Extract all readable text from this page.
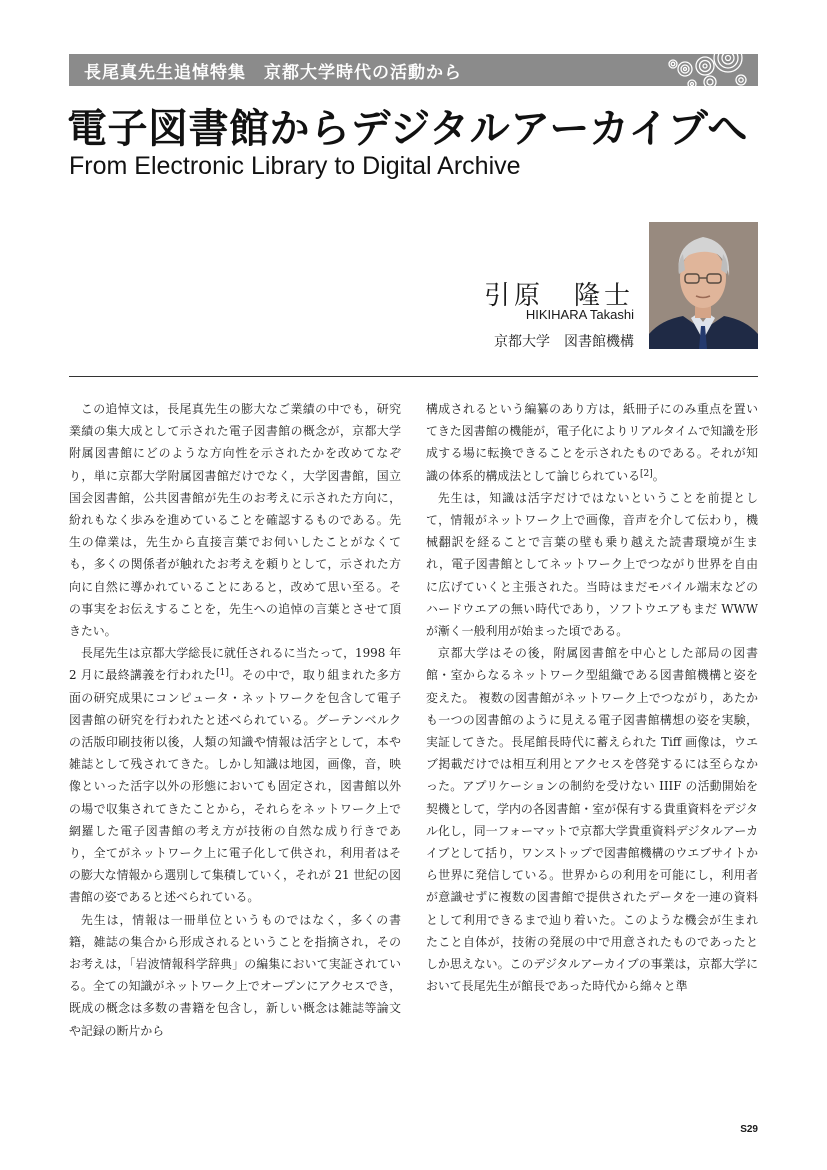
長尾真先生追悼特集　京都大学時代の活動から
電子図書館からデジタルアーカイブへ
From Electronic Library to Digital Archive
引原　隆士
HIKIHARA Takashi
京都大学　図書館機構

この追悼文は，長尾真先生の膨大なご業績の中でも，研究業績の集大成として示された電子図書館の概念が，京都大学附属図書館にどのような方向性を示されたかを改めてなぞり，単に京都大学附属図書館だけでなく，大学図書館，国立国会図書館，公共図書館が先生のお考えに示された方向に，紛れもなく歩みを進めていることを確認するものである。先生の偉業は，先生から直接言葉でお伺いしたことがなくても，多くの関係者が触れたお考えを頼りとして，示された方向に自然に導かれていることにあると，改めて思い至る。その事実をお伝えすることを，先生への追悼の言葉とさせて頂きたい。

長尾先生は京都大学総長に就任されるに当たって，1998 年 2 月に最終講義を行われた[1]。その中で，取り組まれた多方面の研究成果にコンピュータ・ネットワークを包含して電子図書館の研究を行われたと述べられている。グーテンベルクの活版印刷技術以後，人類の知識や情報は活字として，本や雑誌として残されてきた。しかし知識は地図，画像，音，映像といった活字以外の形態においても固定され，図書館以外の場で収集されてきたことから，それらをネットワーク上で網羅した電子図書館の考え方が技術の自然な成り行きであり，全てがネットワーク上に電子化して供され，利用者はその膨大な情報から選別して集積していく，それが 21 世紀の図書館の姿であると述べられている。

先生は，情報は一冊単位というものではなく，多くの書籍，雑誌の集合から形成されるということを指摘され，そのお考えは，「岩波情報科学辞典」の編集において実証されている。全ての知識がネットワーク上でオープンにアクセスでき，既成の概念は多数の書籍を包含し，新しい概念は雑誌等論文や記録の断片から

構成されるという編纂のあり方は，紙冊子にのみ重点を置いてきた図書館の機能が，電子化によりリアルタイムで知識を形成する場に転換できることを示されたものである。それが知識の体系的構成法として論じられている[2]。

先生は，知識は活字だけではないということを前提として，情報がネットワーク上で画像，音声を介して伝わり，機械翻訳を経ることで言葉の壁も乗り越えた読書環境が生まれ，電子図書館としてネットワーク上でつながり世界を自由に広げていくと主張された。当時はまだモバイル端末などのハードウエアの無い時代であり，ソフトウエアもまだ WWW が漸く一般利用が始まった頃である。

京都大学はその後，附属図書館を中心とした部局の図書館・室からなるネットワーク型組織である図書館機構と姿を変えた。 複数の図書館がネットワーク上でつながり，あたかも一つの図書館のように見える電子図書館構想の姿を実験，実証してきた。長尾館長時代に蓄えられた Tiff 画像は，ウエブ掲載だけでは相互利用とアクセスを啓発するには至らなかった。アプリケーションの制約を受けない IIIF の活動開始を契機として，学内の各図書館・室が保有する貴重資料をデジタル化し，同一フォーマットで京都大学貴重資料デジタルアーカイブとして括り，ワンストップで図書館機構のウエブサイトから世界に発信している。世界からの利用を可能にし，利用者が意識せずに複数の図書館で提供されたデータを一連の資料として利用できるまで辿り着いた。このような機会が生まれたこと自体が，技術の発展の中で用意されたものであったとしか思えない。このデジタルアーカイブの事業は，京都大学において長尾先生が館長であった時代から綿々と準

S29
